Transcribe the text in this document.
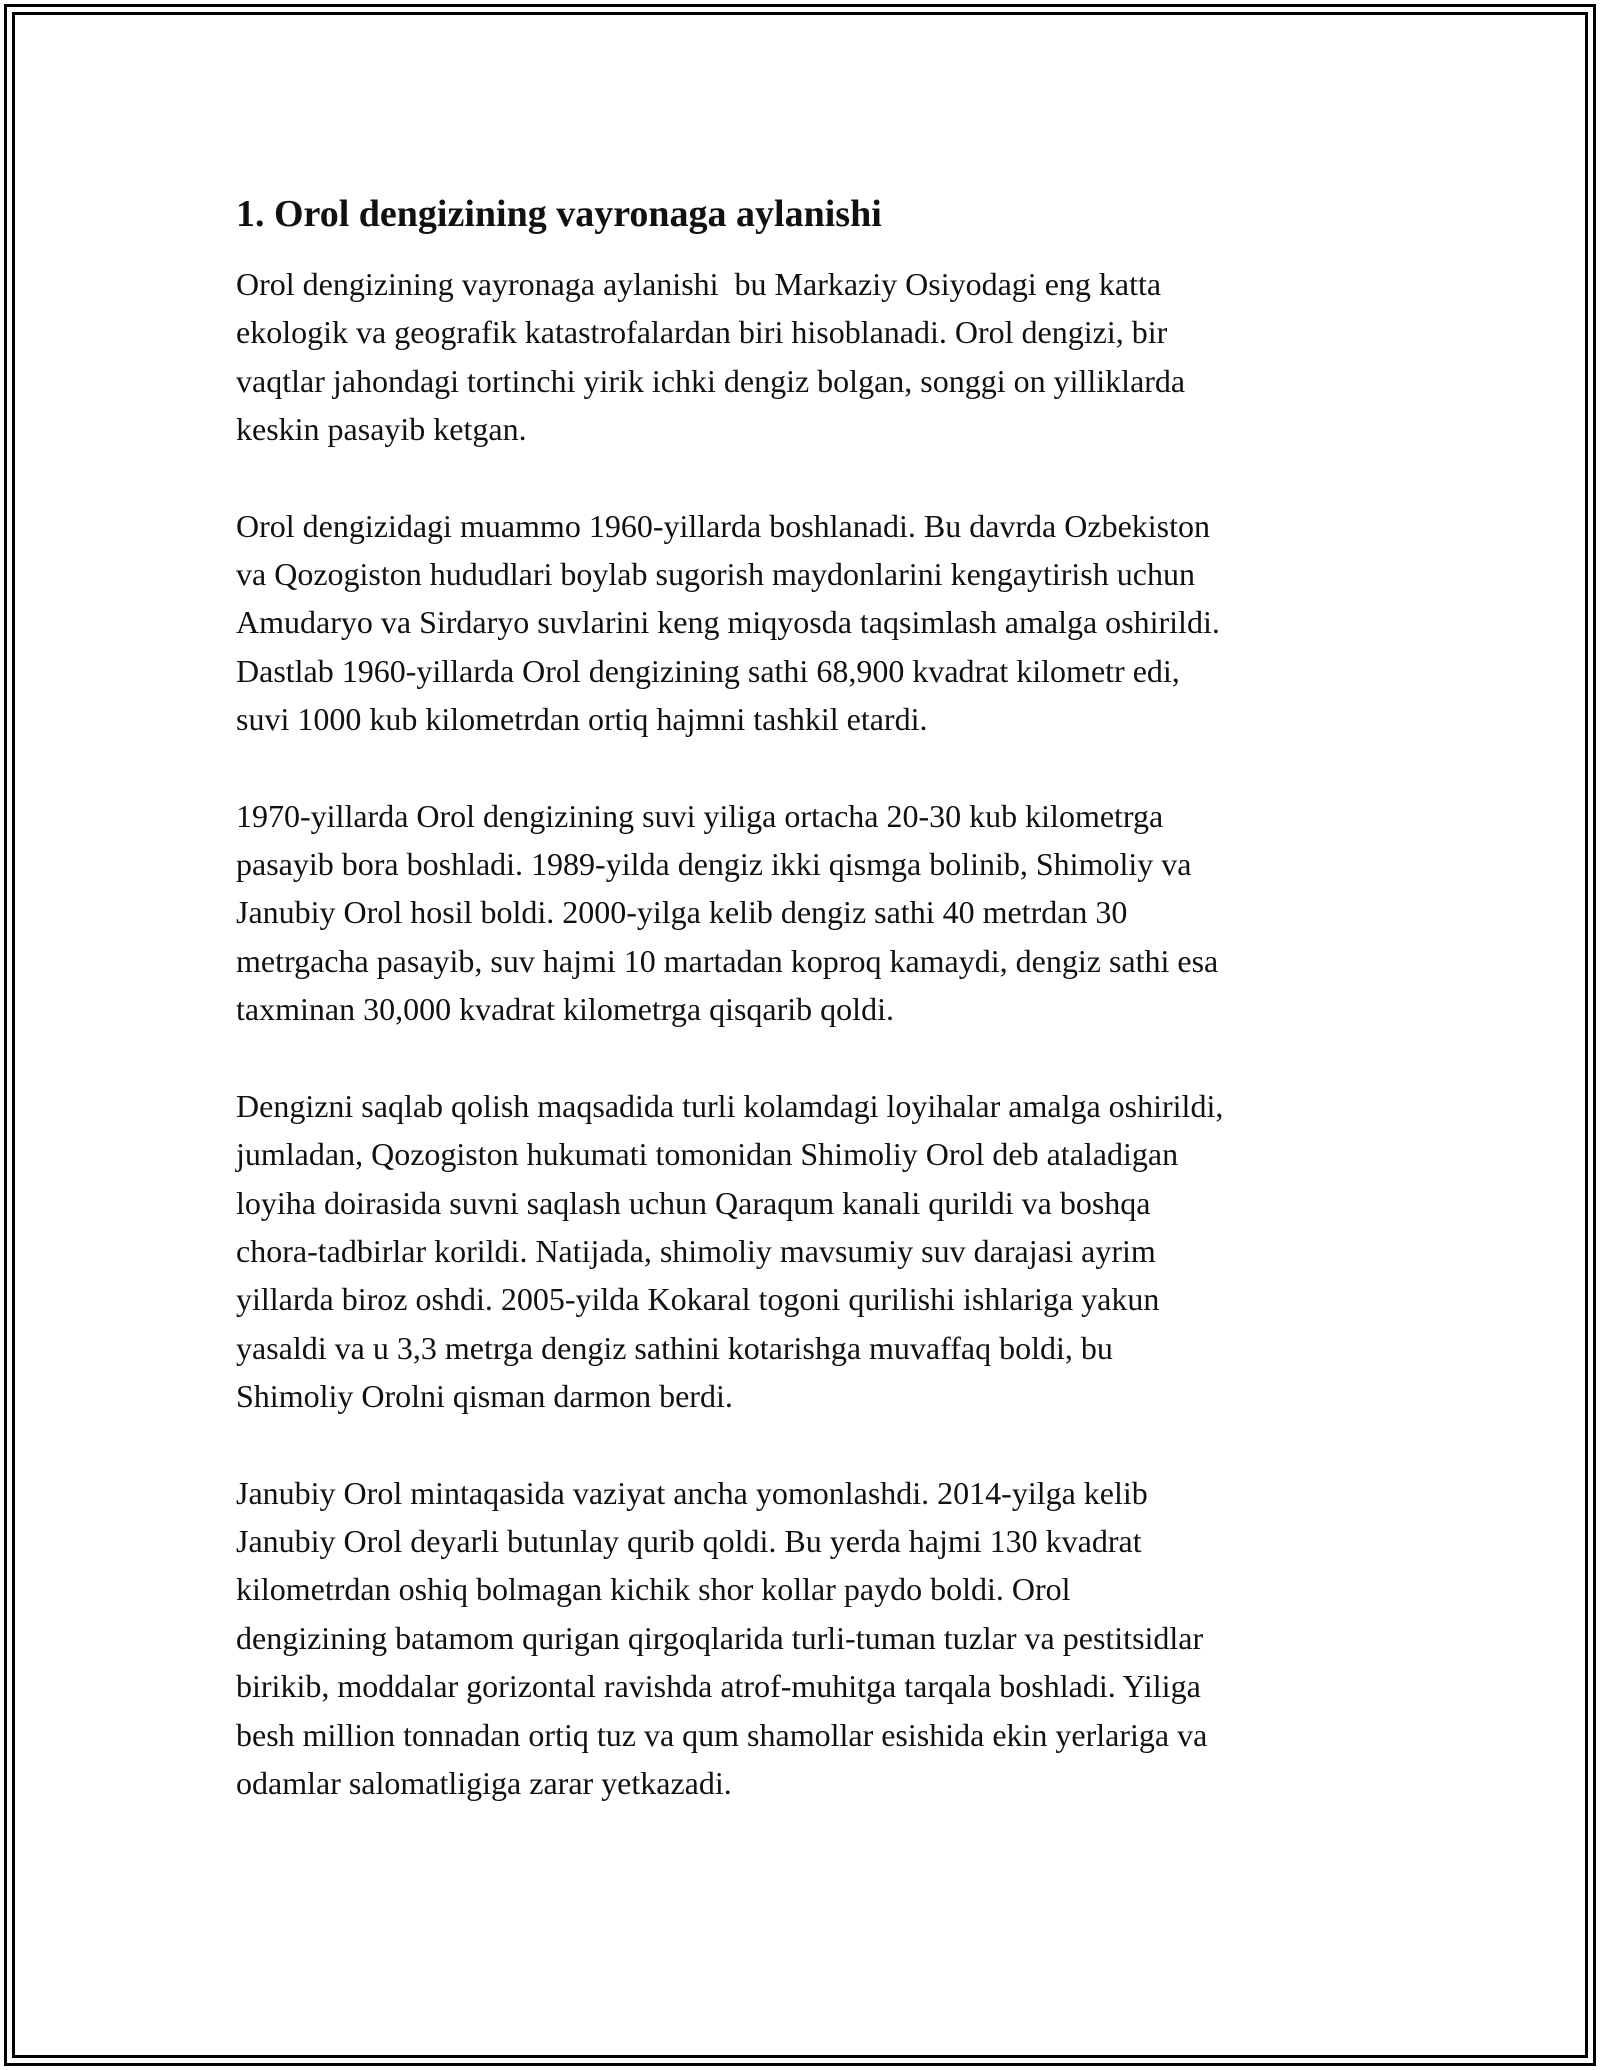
1. Orol dengizining vayronaga aylanishi

Orol dengizining vayronaga aylanishi  bu Markaziy Osiyodagi eng katta
ekologik va geografik katastrofalardan biri hisoblanadi. Orol dengizi, bir
vaqtlar jahondagi tortinchi yirik ichki dengiz bolgan, songgi on yilliklarda
keskin pasayib ketgan.

Orol dengizidagi muammo 1960-yillarda boshlanadi. Bu davrda Ozbekiston
va Qozogiston hududlari boylab sugorish maydonlarini kengaytirish uchun
Amudaryo va Sirdaryo suvlarini keng miqyosda taqsimlash amalga oshirildi.
Dastlab 1960-yillarda Orol dengizining sathi 68,900 kvadrat kilometr edi,
suvi 1000 kub kilometrdan ortiq hajmni tashkil etardi.

1970-yillarda Orol dengizining suvi yiliga ortacha 20-30 kub kilometrga
pasayib bora boshladi. 1989-yilda dengiz ikki qismga bolinib, Shimoliy va
Janubiy Orol hosil boldi. 2000-yilga kelib dengiz sathi 40 metrdan 30
metrgacha pasayib, suv hajmi 10 martadan koproq kamaydi, dengiz sathi esa
taxminan 30,000 kvadrat kilometrga qisqarib qoldi.

Dengizni saqlab qolish maqsadida turli kolamdagi loyihalar amalga oshirildi,
jumladan, Qozogiston hukumati tomonidan Shimoliy Orol deb ataladigan
loyiha doirasida suvni saqlash uchun Qaraqum kanali qurildi va boshqa
chora-tadbirlar korildi. Natijada, shimoliy mavsumiy suv darajasi ayrim
yillarda biroz oshdi. 2005-yilda Kokaral togoni qurilishi ishlariga yakun
yasaldi va u 3,3 metrga dengiz sathini kotarishga muvaffaq boldi, bu
Shimoliy Orolni qisman darmon berdi.

Janubiy Orol mintaqasida vaziyat ancha yomonlashdi. 2014-yilga kelib
Janubiy Orol deyarli butunlay qurib qoldi. Bu yerda hajmi 130 kvadrat
kilometrdan oshiq bolmagan kichik shor kollar paydo boldi. Orol
dengizining batamom qurigan qirgoqlarida turli-tuman tuzlar va pestitsidlar
birikib, moddalar gorizontal ravishda atrof-muhitga tarqala boshladi. Yiliga
besh million tonnadan ortiq tuz va qum shamollar esishida ekin yerlariga va
odamlar salomatligiga zarar yetkazadi.
